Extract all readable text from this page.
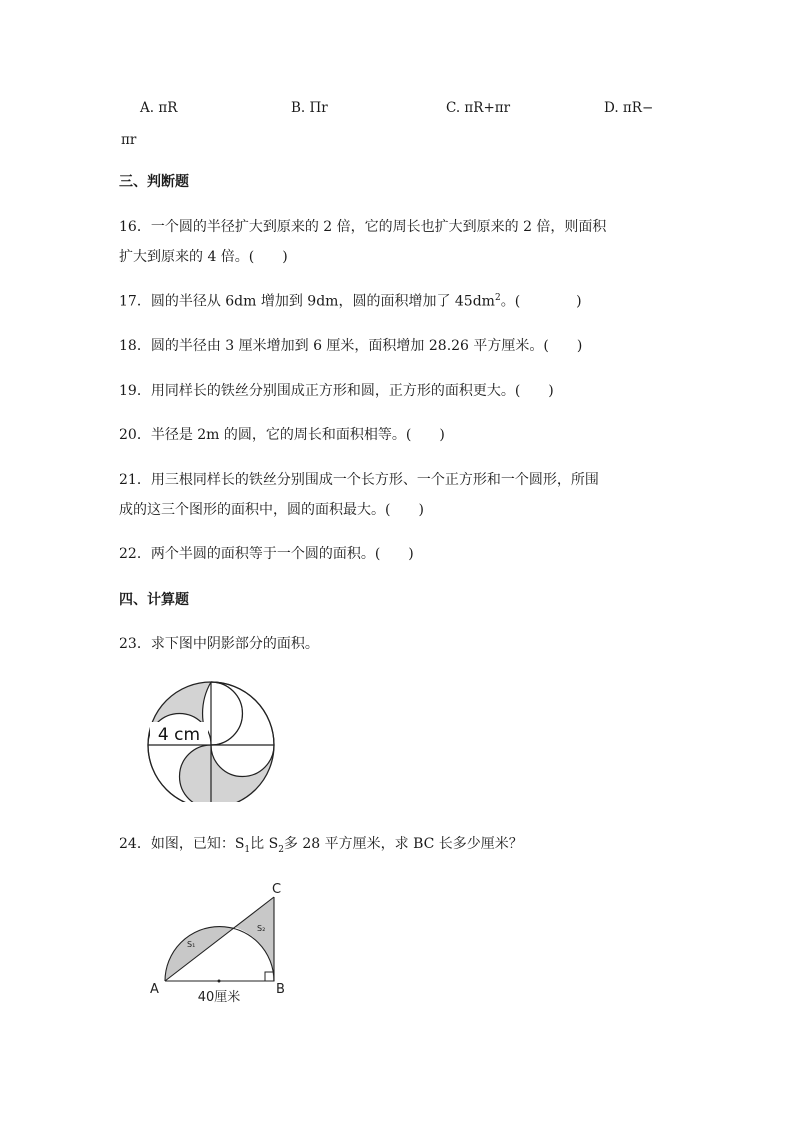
A. πR	B. Πr	C. πR+πr	D. πR−
πr
三、判断题
16．一个圆的半径扩大到原来的 2 倍，它的周长也扩大到原来的 2 倍，则面积
扩大到原来的 4 倍。(　　)
17．圆的半径从 6dm 增加到 9dm，圆的面积增加了 $45dm^2$。(　　　　)
18．圆的半径由 3 厘米增加到 6 厘米，面积增加 28.26 平方厘米。(　　)
19．用同样长的铁丝分别围成正方形和圆，正方形的面积更大。(　　)
20．半径是 2m 的圆，它的周长和面积相等。(　　)
21．用三根同样长的铁丝分别围成一个长方形、一个正方形和一个圆形，所围
成的这三个图形的面积中，圆的面积最大。(　　)
22．两个半圆的面积等于一个圆的面积。(　　)
四、计算题
23．求下图中阴影部分的面积。
4 cm
24．如图，已知：$S_1$比 $S_2$多 28 平方厘米，求 BC 长多少厘米？
S₁
S₂
C
A	B
40厘米
